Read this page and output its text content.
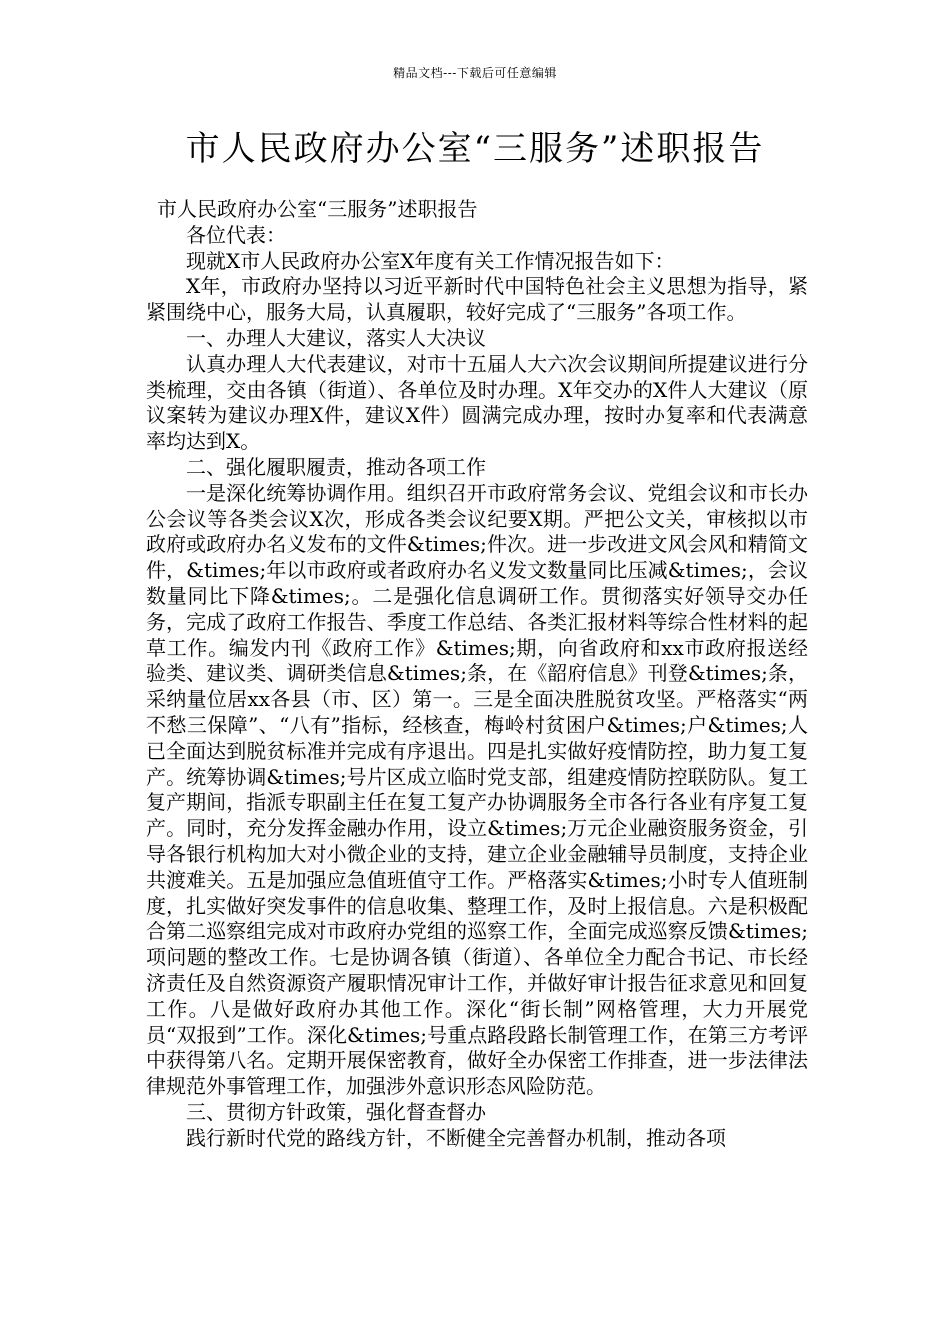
精品文档---下载后可任意编辑
市人民政府办公室“三服务”述职报告

市人民政府办公室“三服务”述职报告

各位代表：

现就X市人民政府办公室X年度有关工作情况报告如下：

X年，市政府办坚持以习近平新时代中国特色社会主义思想为指导，紧紧围绕中心，服务大局，认真履职，较好完成了“三服务”各项工作。

一、办理人大建议，落实人大决议

认真办理人大代表建议，对市十五届人大六次会议期间所提建议进行分类梳理，交由各镇（街道）、各单位及时办理。X年交办的X件人大建议（原议案转为建议办理X件，建议X件）圆满完成办理，按时办复率和代表满意率均达到X。

二、强化履职履责，推动各项工作

一是深化统筹协调作用。组织召开市政府常务会议、党组会议和市长办公会议等各类会议X次，形成各类会议纪要X期。严把公文关，审核拟以市政府或政府办名义发布的文件&times;件次。进一步改进文风会风和精简文件，&times;年以市政府或者政府办名义发文数量同比压减&times;，会议数量同比下降&times;。二是强化信息调研工作。贯彻落实好领导交办任务，完成了政府工作报告、季度工作总结、各类汇报材料等综合性材料的起草工作。编发内刊《政府工作》&times;期，向省政府和xx市政府报送经验类、建议类、调研类信息&times;条，在《韶府信息》刊登&times;条，采纳量位居xx各县（市、区）第一。三是全面决胜脱贫攻坚。严格落实“两不愁三保障”、“八有”指标，经核查，梅岭村贫困户&times;户&times;人已全面达到脱贫标准并完成有序退出。四是扎实做好疫情防控，助力复工复产。统筹协调&times;号片区成立临时党支部，组建疫情防控联防队。复工复产期间，指派专职副主任在复工复产办协调服务全市各行各业有序复工复产。同时，充分发挥金融办作用，设立&times;万元企业融资服务资金，引导各银行机构加大对小微企业的支持，建立企业金融辅导员制度，支持企业共渡难关。五是加强应急值班值守工作。严格落实&times;小时专人值班制度，扎实做好突发事件的信息收集、整理工作，及时上报信息。六是积极配合第二巡察组完成对市政府办党组的巡察工作，全面完成巡察反馈&times;项问题的整改工作。七是协调各镇（街道）、各单位全力配合书记、市长经济责任及自然资源资产履职情况审计工作，并做好审计报告征求意见和回复工作。八是做好政府办其他工作。深化“街长制”网格管理，大力开展党员“双报到”工作。深化&times;号重点路段路长制管理工作，在第三方考评中获得第八名。定期开展保密教育，做好全办保密工作排查，进一步法律法律规范外事管理工作，加强涉外意识形态风险防范。

三、贯彻方针政策，强化督查督办

践行新时代党的路线方针，不断健全完善督办机制，推动各项
